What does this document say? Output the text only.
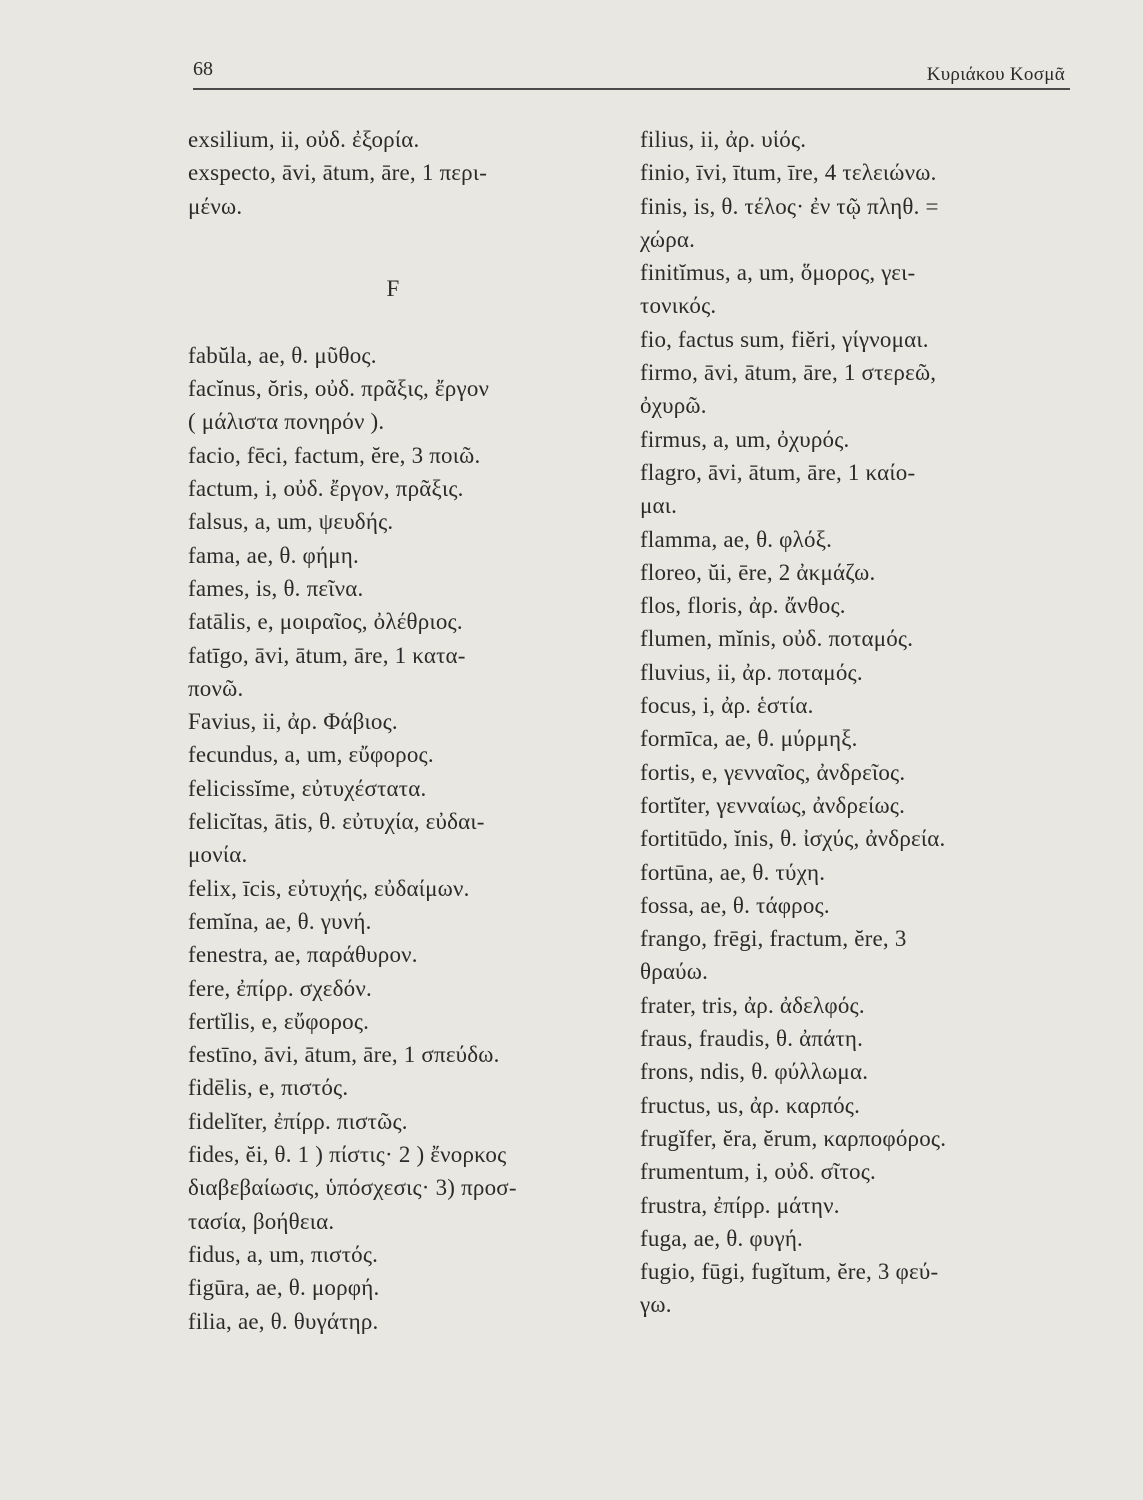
68	Κυριάκου Κοσμᾶ
exsilium, ii, οὐδ. ἐξορία.
exspecto, āvi, ātum, āre, 1 περι-
μένω.
F
fabŭla, ae, θ. μῦθος.
facĭnus, ŏris, οὐδ. πρᾶξις, ἔργον
( μάλιστα πονηρόν ).
facio, fēci, factum, ĕre, 3 ποιῶ.
factum, i, οὐδ. ἔργον, πρᾶξις.
falsus, a, um, ψευδής.
fama, ae, θ. φήμη.
fames, is, θ. πεῖνα.
fatālis, e, μοιραῖος, ὀλέθριος.
fatīgo, āvi, ātum, āre, 1 κατα-
πονῶ.
Favius, ii, ἀρ. Φάβιος.
fecundus, a, um, εὔφορος.
felicissĭme, εὐτυχέστατα.
felicĭtas, ātis, θ. εὐτυχία, εὐδαι-
μονία.
felix, īcis, εὐτυχής, εὐδαίμων.
femĭna, ae, θ. γυνή.
fenestra, ae, παράθυρον.
fere, ἐπίρρ. σχεδόν.
fertĭlis, e, εὔφορος.
festīno, āvi, ātum, āre, 1 σπεύδω.
fidēlis, e, πιστός.
fidelĭter, ἐπίρρ. πιστῶς.
fides, ĕi, θ. 1 ) πίστις· 2 ) ἔνορκος
διαβεβαίωσις, ὑπόσχεσις· 3) προσ-
τασία, βοήθεια.
fidus, a, um, πιστός.
figūra, ae, θ. μορφή.
filia, ae, θ. θυγάτηρ.
filius, ii, ἀρ. υἱός.
finio, īvi, ītum, īre, 4 τελειώνω.
finis, is, θ. τέλος· ἐν τῷ πληθ. =
χώρα.
finitĭmus, a, um, ὅμορος, γει-
τονικός.
fio, factus sum, fiĕri, γίγνομαι.
firmo, āvi, ātum, āre, 1 στερεῶ,
ὀχυρῶ.
firmus, a, um, ὀχυρός.
flagro, āvi, ātum, āre, 1 καίο-
μαι.
flamma, ae, θ. φλόξ.
floreo, ŭi, ēre, 2 ἀκμάζω.
flos, floris, ἀρ. ἄνθος.
flumen, mĭnis, οὐδ. ποταμός.
fluvius, ii, ἀρ. ποταμός.
focus, i, ἀρ. ἑστία.
formīca, ae, θ. μύρμηξ.
fortis, e, γενναῖος, ἀνδρεῖος.
fortĭter, γενναίως, ἀνδρείως.
fortitūdo, ĭnis, θ. ἰσχύς, ἀνδρεία.
fortūna, ae, θ. τύχη.
fossa, ae, θ. τάφρος.
frango, frēgi, fractum, ĕre, 3
θραύω.
frater, tris, ἀρ. ἀδελφός.
fraus, fraudis, θ. ἀπάτη.
frons, ndis, θ. φύλλωμα.
fructus, us, ἀρ. καρπός.
frugĭfer, ĕra, ĕrum, καρποφόρος.
frumentum, i, οὐδ. σῖτος.
frustra, ἐπίρρ. μάτην.
fuga, ae, θ. φυγή.
fugio, fūgi, fugĭtum, ĕre, 3 φεύ-
γω.
